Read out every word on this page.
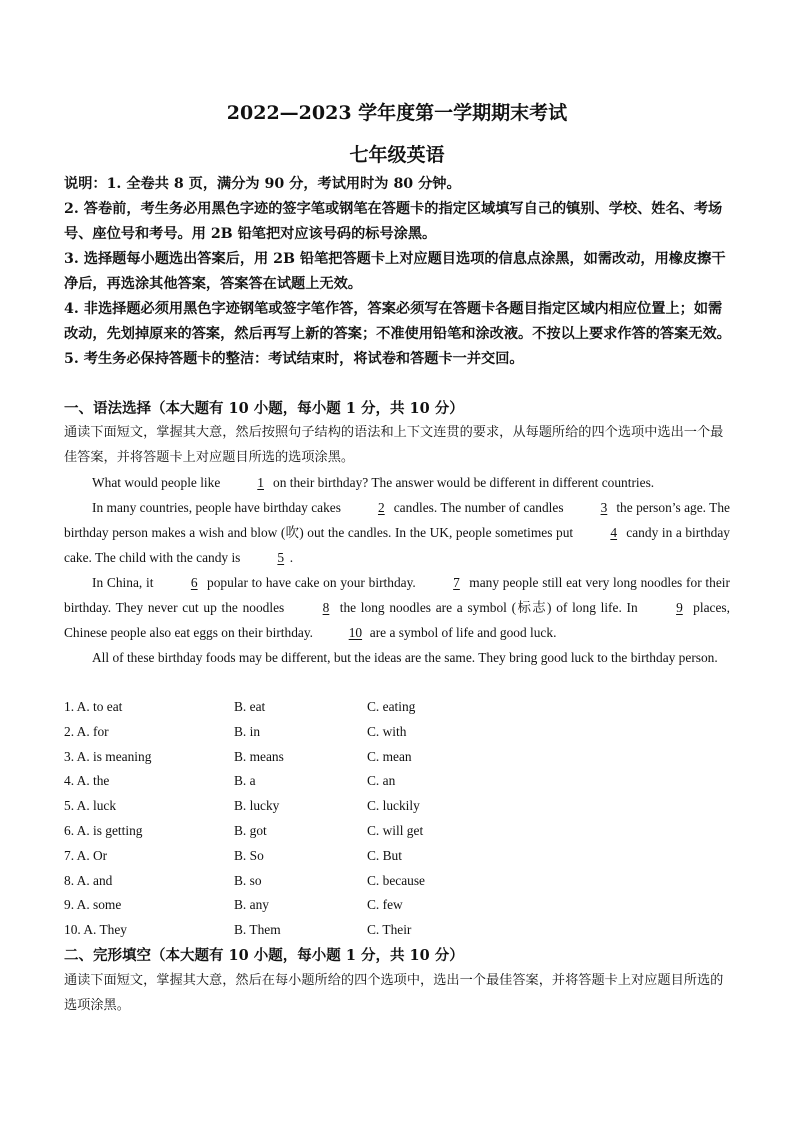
2022—2023 学年度第一学期期末考试
七年级英语

说明：1. 全卷共 8 页，满分为 90 分，考试用时为 80 分钟。

2. 答卷前，考生务必用黑色字迹的签字笔或钢笔在答题卡的指定区域填写自己的镇别、学校、姓名、考场号、座位号和考号。用 2B 铅笔把对应该号码的标号涂黑。

3. 选择题每小题选出答案后，用 2B 铅笔把答题卡上对应题目选项的信息点涂黑，如需改动，用橡皮擦干净后，再选涂其他答案，答案答在试题上无效。

4. 非选择题必须用黑色字迹钢笔或签字笔作答，答案必须写在答题卡各题目指定区域内相应位置上；如需改动，先划掉原来的答案，然后再写上新的答案；不准使用铅笔和涂改液。不按以上要求作答的答案无效。

5. 考生务必保持答题卡的整洁：考试结束时，将试卷和答题卡一并交回。

一、语法选择（本大题有 10 小题，每小题 1 分，共 10 分）
通读下面短文，掌握其大意，然后按照句子结构的语法和上下文连贯的要求，从每题所给的四个选项中选出一个最佳答案，并将答题卡上对应题目所选的选项涂黑。

What would people like	1 on their birthday? The answer would be different in different countries.

In many countries, people have birthday cakes	2 candles. The number of candles	3 the person’s age. The birthday person makes a wish and blow (吹) out the candles. In the UK, people sometimes put	4 candy in a birthday cake. The child with the candy is	5 .

In China, it	6 popular to have cake on your birthday.	7 many people still eat very long noodles for their birthday. They never cut up the noodles	8 the long noodles are a symbol (标志) of long life. In	9 places, Chinese people also eat eggs on their birthday.	10 are a symbol of life and good luck.

All of these birthday foods may be different, but the ideas are the same. They bring good luck to the birthday person.

1. A. to eat	B. eat	C. eating
2. A. for	B. in	C. with
3. A. is meaning	B. means	C. mean
4. A. the	B. a	C. an
5. A. luck	B. lucky	C. luckily
6. A. is getting	B. got	C. will get
7. A. Or	B. So	C. But
8. A. and	B. so	C. because
9. A. some	B. any	C. few
10. A. They	B. Them	C. Their
二、完形填空（本大题有 10 小题，每小题 1 分，共 10 分）
通读下面短文，掌握其大意，然后在每小题所给的四个选项中，选出一个最佳答案，并将答题卡上对应题目所选的选项涂黑。
